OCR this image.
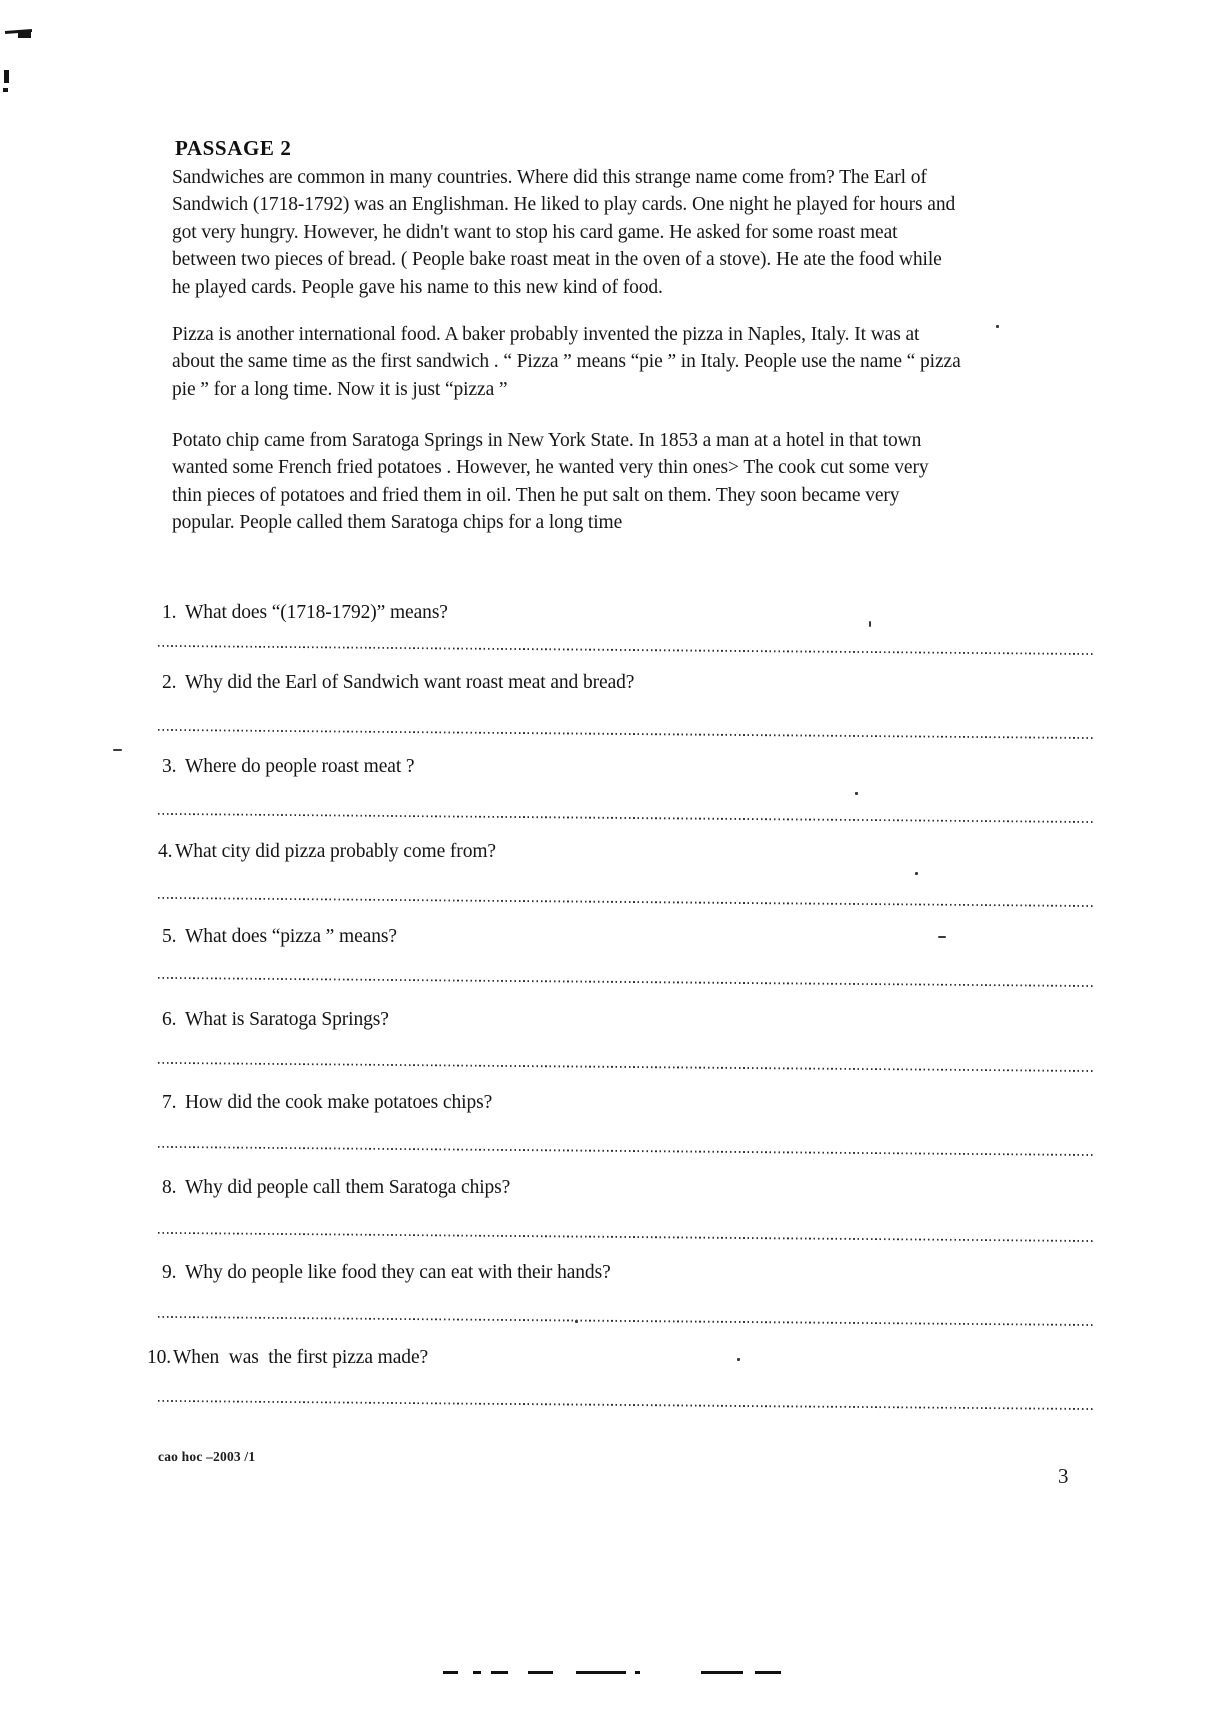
PASSAGE 2
Sandwiches are common in many countries. Where did this strange name come from? The Earl of
Sandwich (1718-1792) was an Englishman. He liked to play cards. One night he played for hours and
got very hungry. However, he didn't want to stop his card game. He asked for some roast meat
between two pieces of bread. ( People bake roast meat in the oven of a stove). He ate the food while
he played cards. People gave his name to this new kind of food.
Pizza is another international food. A baker probably invented the pizza in Naples, Italy. It was at
about the same time as the first sandwich . “ Pizza ” means “pie ” in Italy. People use the name “ pizza
pie ” for a long time. Now it is just “pizza ”
Potato chip came from Saratoga Springs in New York State. In 1853 a man at a hotel in that town
wanted some French fried potatoes . However, he wanted very thin ones> The cook cut some very
thin pieces of potatoes and fried them in oil. Then he put salt on them. They soon became very
popular. People called them Saratoga chips for a long time
1. What does “(1718-1792)” means?
2. Why did the Earl of Sandwich want roast meat and bread?
3. Where do people roast meat ?
4. What city did pizza probably come from?
5. What does “pizza ” means?
6. What is Saratoga Springs?
7. How did the cook make potatoes chips?
8. Why did people call them Saratoga chips?
9. Why do people like food they can eat with their hands?
10.When  was  the first pizza made?
cao hoc –2003 /1
3
